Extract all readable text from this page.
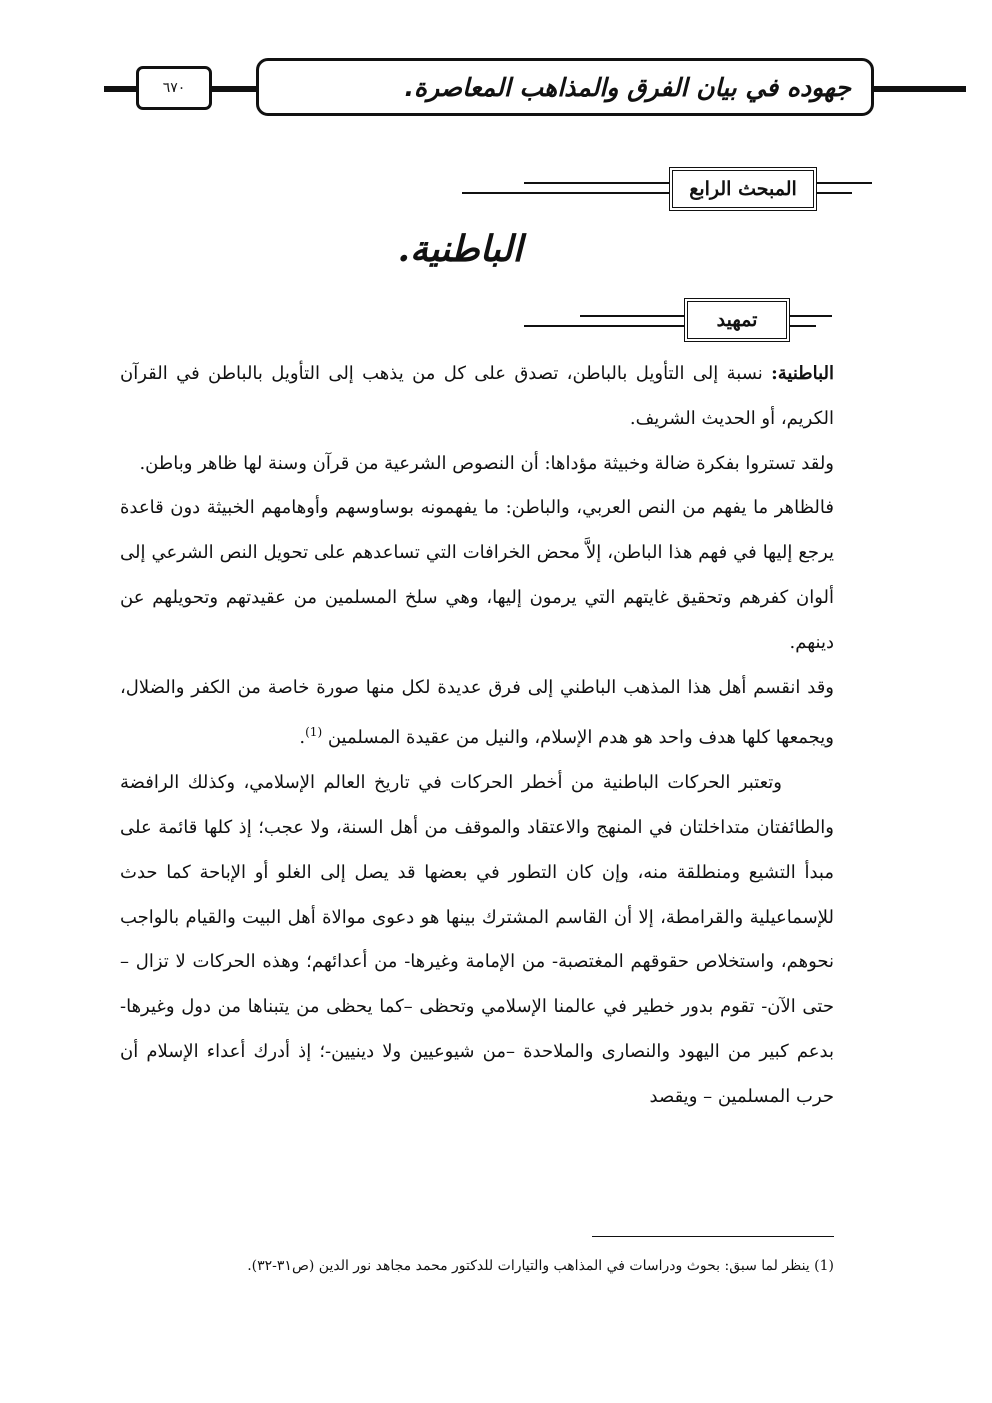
٦٧٠	جهوده في بيان الفرق والمذاهب المعاصرة.
المبحث الرابع
الباطنية.
تمهيد

الباطنية: نسبة إلى التأويل بالباطن، تصدق على كل من يذهب إلى التأويل بالباطن في القرآن الكريم، أو الحديث الشريف.

ولقد تستروا بفكرة ضالة وخبيثة مؤداها: أن النصوص الشرعية من قرآن وسنة لها ظاهر وباطن.

فالظاهر ما يفهم من النص العربي، والباطن: ما يفهمونه بوساوسهم وأوهامهم الخبيثة دون قاعدة يرجع إليها في فهم هذا الباطن، إلاَّ محض الخرافات التي تساعدهم على تحويل النص الشرعي إلى ألوان كفرهم وتحقيق غايتهم التي يرمون إليها، وهي سلخ المسلمين من عقيدتهم وتحويلهم عن دينهم.

وقد انقسم أهل هذا المذهب الباطني إلى فرق عديدة لكل منها صورة خاصة من الكفر والضلال، ويجمعها كلها هدف واحد هو هدم الإسلام، والنيل من عقيدة المسلمين $^{(1)}$.

وتعتبر الحركات الباطنية من أخطر الحركات في تاريخ العالم الإسلامي، وكذلك الرافضة والطائفتان متداخلتان في المنهج والاعتقاد والموقف من أهل السنة، ولا عجب؛ إذ كلها قائمة على مبدأ التشيع ومنطلقة منه، وإن كان التطور في بعضها قد يصل إلى الغلو أو الإباحة كما حدث للإسماعيلية والقرامطة، إلا أن القاسم المشترك بينها هو دعوى موالاة أهل البيت والقيام بالواجب نحوهم، واستخلاص حقوقهم المغتصبة- من الإمامة وغيرها- من أعدائهم؛ وهذه الحركات لا تزال –حتى الآن- تقوم بدور خطير في عالمنا الإسلامي وتحظى –كما يحظى من يتبناها من دول وغيرها- بدعم كبير من اليهود والنصارى والملاحدة –من شيوعيين ولا دينيين-؛ إذ أدرك أعداء الإسلام أن حرب المسلمين – ويقصد

(1) ينظر لما سبق: بحوث ودراسات في المذاهب والتيارات للدكتور محمد مجاهد نور الدين (ص٣١-٣٢).
